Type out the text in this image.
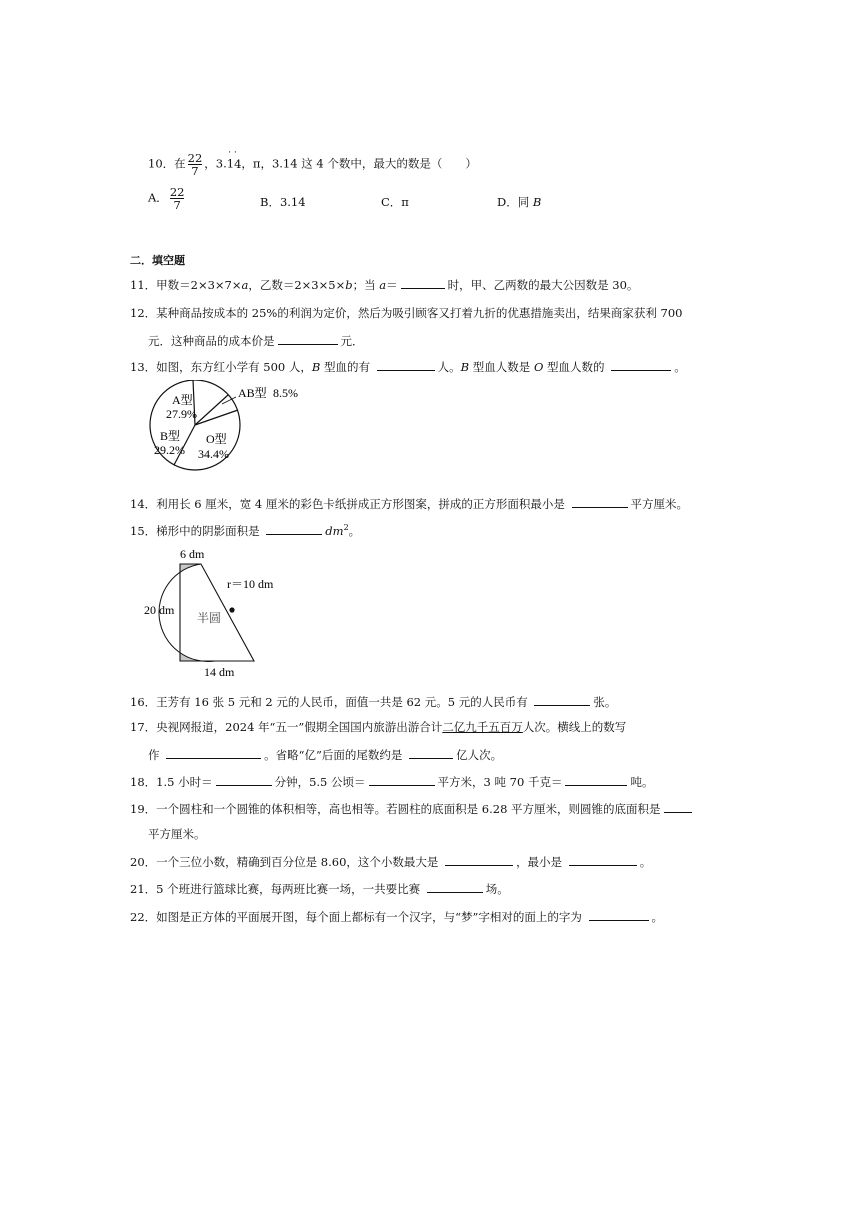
10．在 $\frac{22}{7}$ ，3.14
··
，π，3.14 这 4 个数中，最大的数是（　　）
A． $\frac{22}{7}$	B．3.14	C．π	D．同 B
二．填空题
11．甲数＝2×3×7×a，乙数＝2×3×5×b；当 a＝	时，甲、乙两数的最大公因数是 30。
12．某种商品按成本的 25%的利润为定价，然后为吸引顾客又打着九折的优惠措施卖出，结果商家获利 700
元．这种商品的成本价是	元．
13．如图，东方红小学有 500 人，B 型血的有	人。B 型血人数是 O 型血人数的	。
A型
27.9%
AB型 8.5%
B型
29.2%
O型
34.4%
14．利用长 6 厘米，宽 4 厘米的彩色卡纸拼成正方形图案，拼成的正方形面积最小是	平方厘米。
15．梯形中的阴影面积是	$dm^2$。
6 dm
20 dm
14 dm
r＝10 dm
半圆
16．王芳有 16 张 5 元和 2 元的人民币，面值一共是 62 元。5 元的人民币有	张。
17．央视网报道，2024 年“五一”假期全国国内旅游出游合计二亿九千五百万人次。横线上的数写
作	。省略“亿”后面的尾数约是	亿人次。
18．1.5 小时＝	分钟，5.5 公顷＝	平方米，3 吨 70 千克＝	吨。
19．一个圆柱和一个圆锥的体积相等，高也相等。若圆柱的底面积是 6.28 平方厘米，则圆锥的底面积是
平方厘米。
20．一个三位小数，精确到百分位是 8.60，这个小数最大是	，最小是	。
21．5 个班进行篮球比赛，每两班比赛一场，一共要比赛	场。
22．如图是正方体的平面展开图，每个面上都标有一个汉字，与“梦”字相对的面上的字为	。
